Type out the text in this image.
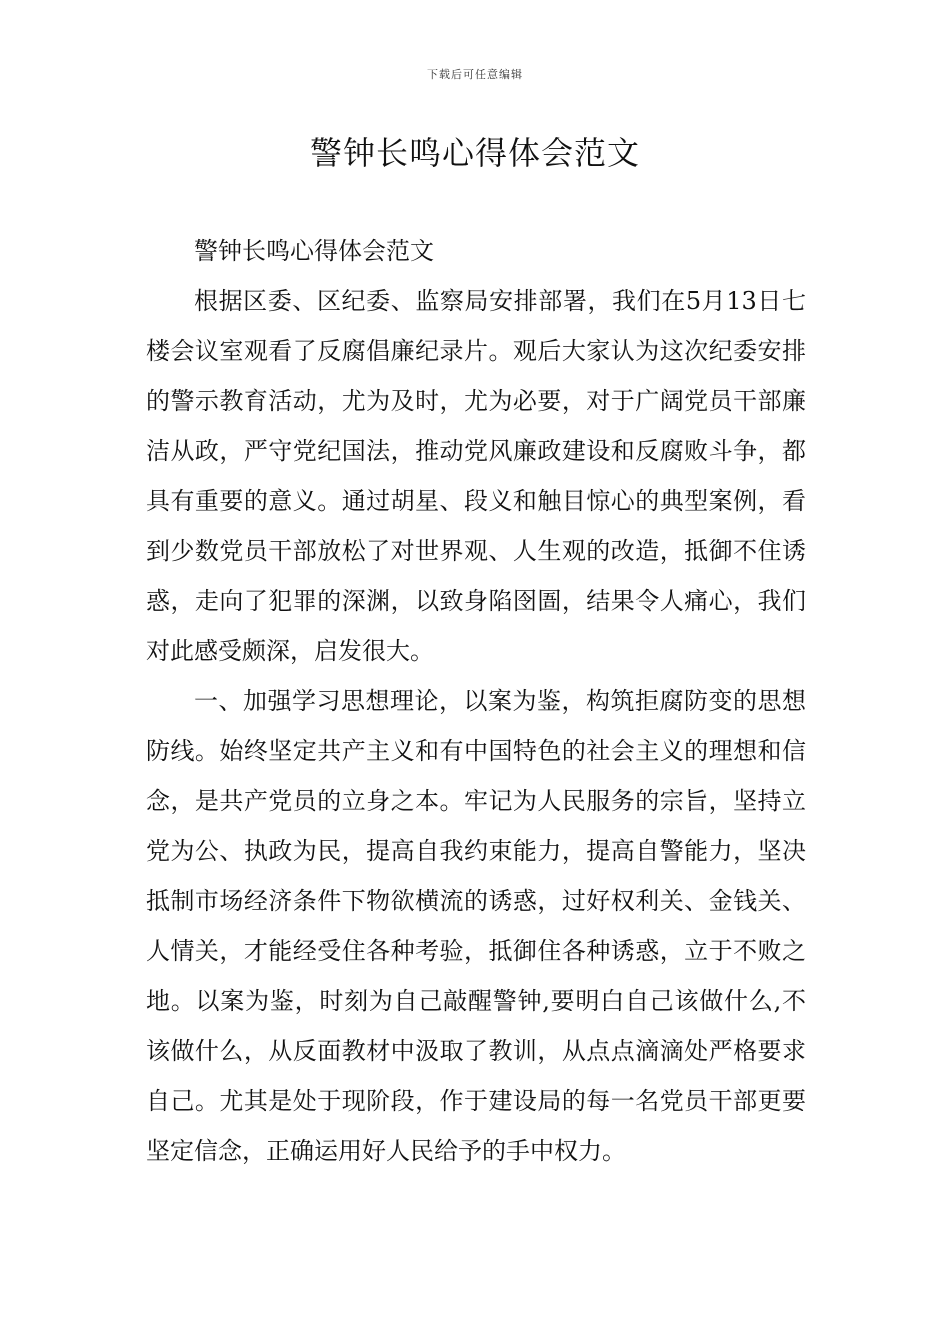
下载后可任意编辑
警钟长鸣心得体会范文

警钟长鸣心得体会范文

根据区委、区纪委、监察局安排部署，我们在5月13日七楼会议室观看了反腐倡廉纪录片。观后大家认为这次纪委安排的警示教育活动，尤为及时，尤为必要，对于广阔党员干部廉洁从政，严守党纪国法，推动党风廉政建设和反腐败斗争，都具有重要的意义。通过胡星、段义和触目惊心的典型案例，看到少数党员干部放松了对世界观、人生观的改造，抵御不住诱惑，走向了犯罪的深渊，以致身陷囹圄，结果令人痛心，我们对此感受颇深，启发很大。

一、加强学习思想理论，以案为鉴，构筑拒腐防变的思想防线。始终坚定共产主义和有中国特色的社会主义的理想和信念，是共产党员的立身之本。牢记为人民服务的宗旨，坚持立党为公、执政为民，提高自我约束能力，提高自警能力，坚决抵制市场经济条件下物欲横流的诱惑，过好权利关、金钱关、人情关，才能经受住各种考验，抵御住各种诱惑，立于不败之地。以案为鉴，时刻为自己敲醒警钟,要明白自己该做什么,不该做什么，从反面教材中汲取了教训，从点点滴滴处严格要求自己。尤其是处于现阶段，作于建设局的每一名党员干部更要坚定信念，正确运用好人民给予的手中权力。
